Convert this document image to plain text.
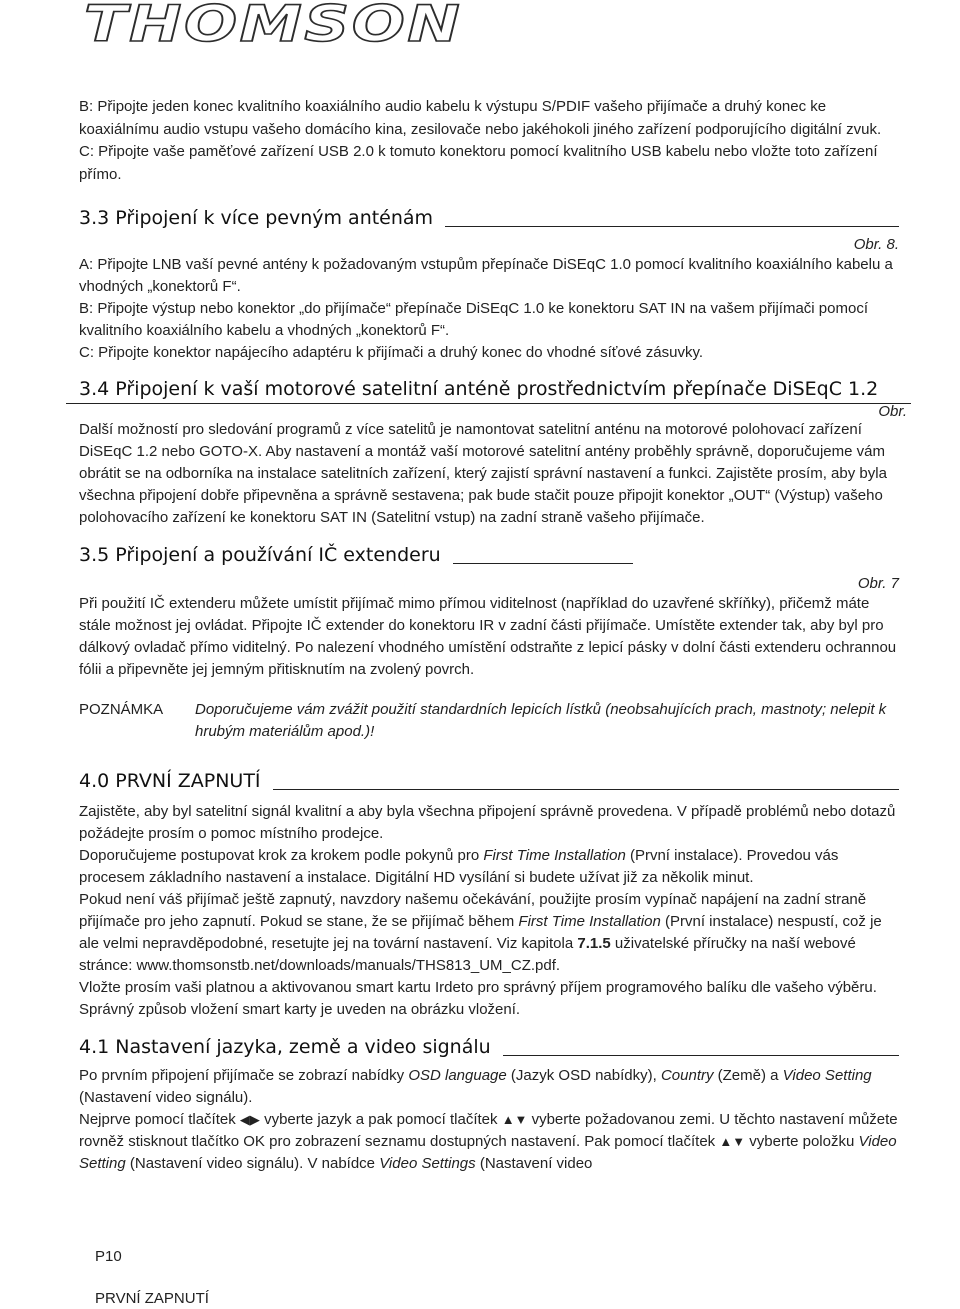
THOMSON

B: Připojte jeden konec kvalitního koaxiálního audio kabelu k výstupu S/PDIF vašeho přijímače a druhý konec ke koaxiálnímu audio vstupu vašeho domácího kina, zesilovače nebo jakéhokoli jiného zařízení podporujícího digitální zvuk.

C: Připojte vaše paměťové zařízení USB 2.0 k tomuto konektoru pomocí kvalitního USB kabelu nebo vložte toto zařízení přímo.

3.3 Připojení k více pevným anténám
Obr. 8.

A: Připojte LNB vaší pevné antény k požadovaným vstupům přepínače DiSEqC 1.0 pomocí kvalitního koaxiálního kabelu a vhodných „konektorů F“.

B: Připojte výstup nebo konektor „do přijímače“ přepínače DiSEqC 1.0 ke konektoru SAT IN na vašem přijímači pomocí kvalitního koaxiálního kabelu a vhodných „konektorů F“.

C: Připojte konektor napájecího adaptéru k přijímači a druhý konec do vhodné síťové zásuvky.

3.4 Připojení k vaší motorové satelitní anténě prostřednictvím přepínače DiSEqC 1.2
Obr.

Další možností pro sledování programů z více satelitů je namontovat satelitní anténu na motorové polohovací zařízení DiSEqC 1.2 nebo GOTO-X. Aby nastavení a montáž vaší motorové satelitní antény proběhly správně, doporučujeme vám obrátit se na odborníka na instalace satelitních zařízení, který zajistí správní nastavení a funkci. Zajistěte prosím, aby byla všechna připojení dobře připevněna a správně sestavena; pak bude stačit pouze připojit konektor „OUT“ (Výstup) vašeho polohovacího zařízení ke konektoru SAT IN (Satelitní vstup) na zadní straně vašeho přijímače.

3.5 Připojení a používání IČ extenderu
Obr. 7

Při použití IČ extenderu můžete umístit přijímač mimo přímou viditelnost (například do uzavřené skříňky), přičemž máte stále možnost jej ovládat. Připojte IČ extender do konektoru IR v zadní části přijímače. Umístěte extender tak, aby byl pro dálkový ovladač přímo viditelný. Po nalezení vhodného umístění odstraňte z lepicí pásky v dolní části extenderu ochrannou fólii a připevněte jej jemným přitisknutím na zvolený povrch.

POZNÁMKA	Doporučujeme vám zvážit použití standardních lepicích lístků (neobsahujících prach, mastnoty; nelepit k hrubým materiálům apod.)!
4.0 PRVNÍ ZAPNUTÍ

Zajistěte, aby byl satelitní signál kvalitní a aby byla všechna připojení správně provedena. V případě problémů nebo dotazů požádejte prosím o pomoc místního prodejce.

Doporučujeme postupovat krok za krokem podle pokynů pro First Time Installation (První instalace). Provedou vás procesem základního nastavení a instalace. Digitální HD vysílání si budete užívat již za několik minut.

Pokud není váš přijímač ještě zapnutý, navzdory našemu očekávání, použijte prosím vypínač napájení na zadní straně přijímače pro jeho zapnutí. Pokud se stane, že se přijímač během First Time Installation (První instalace) nespustí, což je ale velmi nepravděpodobné, resetujte jej na tovární nastavení. Viz kapitola 7.1.5 uživatelské příručky na naší webové stránce: www.thomsonstb.net/downloads/manuals/THS813_UM_CZ.pdf.

Vložte prosím vaši platnou a aktivovanou smart kartu Irdeto pro správný příjem programového balíku dle vašeho výběru. Správný způsob vložení smart karty je uveden na obrázku vložení.

4.1 Nastavení jazyka, země a video signálu

Po prvním připojení přijímače se zobrazí nabídky OSD language (Jazyk OSD nabídky), Country (Země) a Video Setting (Nastavení video signálu).

Nejprve pomocí tlačítek ◀▶ vyberte jazyk a pak pomocí tlačítek ▲▼ vyberte požadovanou zemi. U těchto nastavení můžete rovněž stisknout tlačítko OK pro zobrazení seznamu dostupných nastavení. Pak pomocí tlačítek ▲▼ vyberte položku Video Setting (Nastavení video signálu). V nabídce Video Settings (Nastavení video

P10
PRVNÍ ZAPNUTÍ
